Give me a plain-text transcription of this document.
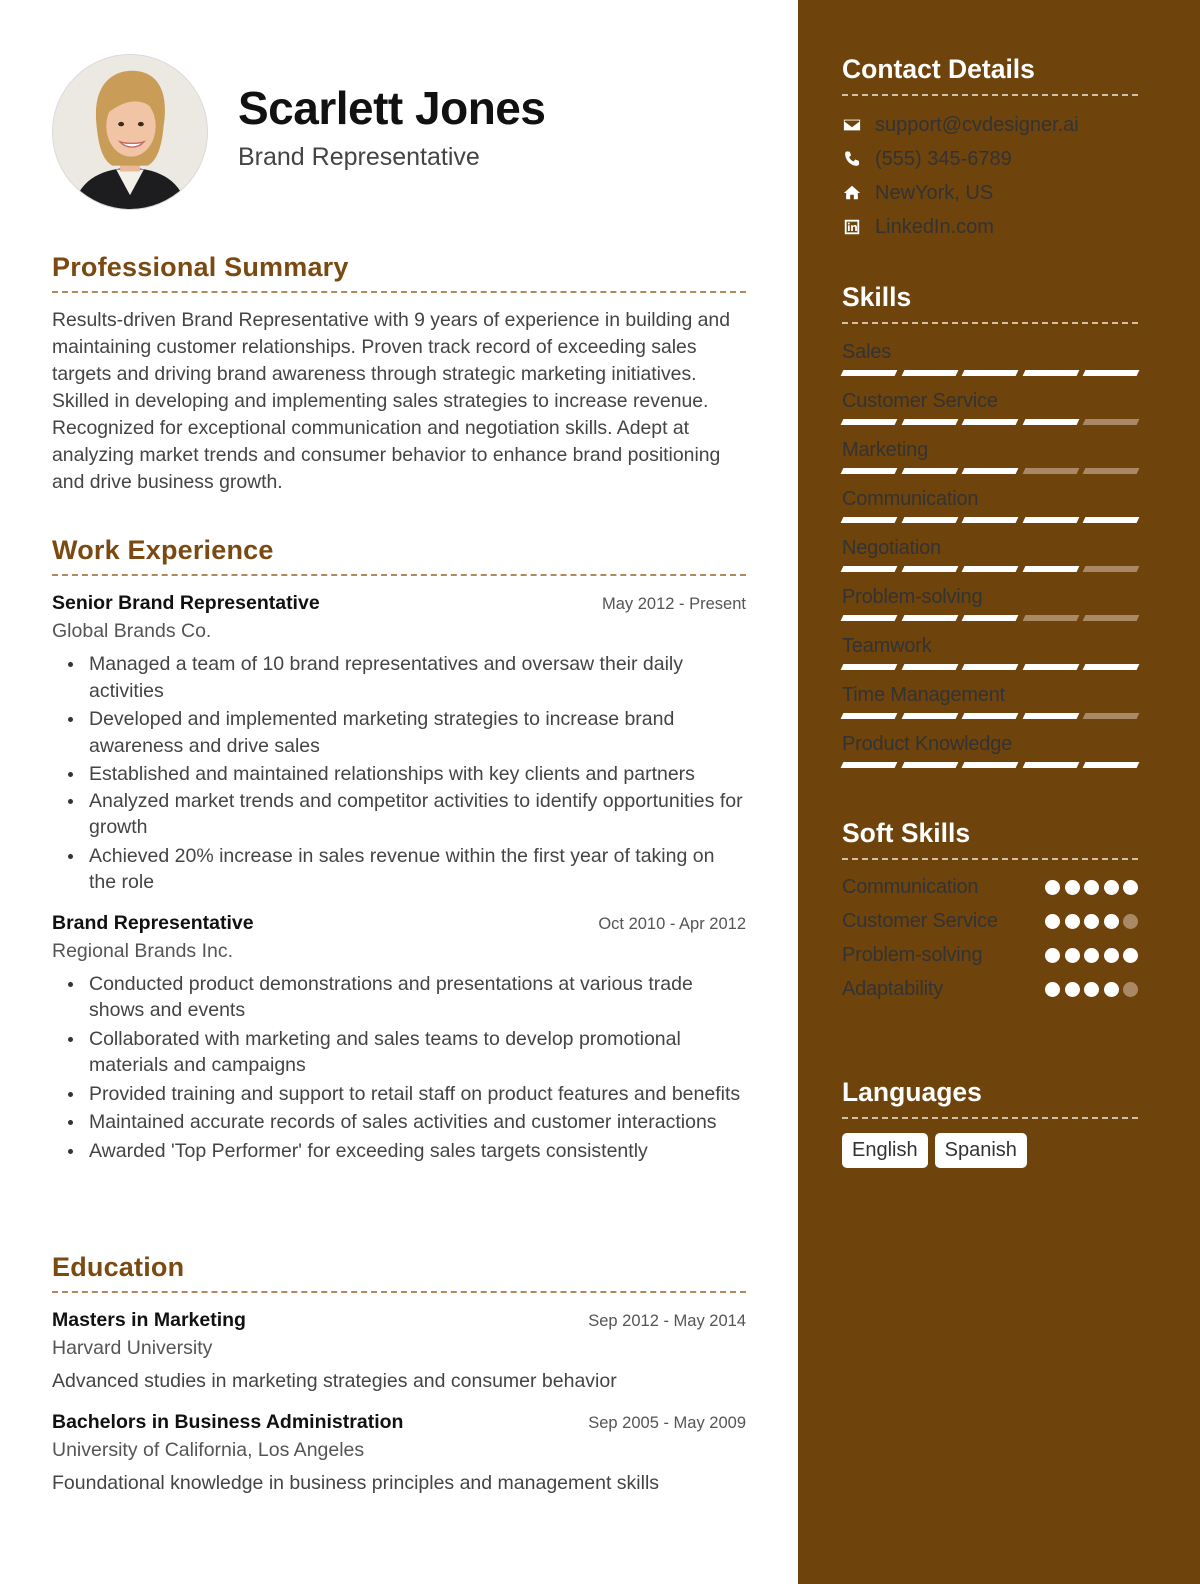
Scarlett Jones
Brand Representative
Professional Summary

Results-driven Brand Representative with 9 years of experience in building and maintaining customer relationships. Proven track record of exceeding sales targets and driving brand awareness through strategic marketing initiatives. Skilled in developing and implementing sales strategies to increase revenue. Recognized for exceptional communication and negotiation skills. Adept at analyzing market trends and consumer behavior to enhance brand positioning and drive business growth.

Work Experience
Senior Brand Representative	May 2012 - Present
Global Brands Co.
Managed a team of 10 brand representatives and oversaw their daily activities
Developed and implemented marketing strategies to increase brand awareness and drive sales
Established and maintained relationships with key clients and partners
Analyzed market trends and competitor activities to identify opportunities for growth
Achieved 20% increase in sales revenue within the first year of taking on the role
Brand Representative	Oct 2010 - Apr 2012
Regional Brands Inc.
Conducted product demonstrations and presentations at various trade shows and events
Collaborated with marketing and sales teams to develop promotional materials and campaigns
Provided training and support to retail staff on product features and benefits
Maintained accurate records of sales activities and customer interactions
Awarded 'Top Performer' for exceeding sales targets consistently
Education
Masters in Marketing	Sep 2012 - May 2014
Harvard University
Advanced studies in marketing strategies and consumer behavior
Bachelors in Business Administration	Sep 2005 - May 2009
University of California, Los Angeles
Foundational knowledge in business principles and management skills
Contact Details
support@cvdesigner.ai
(555) 345-6789
NewYork, US
LinkedIn.com
Skills
Sales
Customer Service
Marketing
Communication
Negotiation
Problem-solving
Teamwork
Time Management
Product Knowledge
Soft Skills
Communication
Customer Service
Problem-solving
Adaptability
Languages
English	Spanish
